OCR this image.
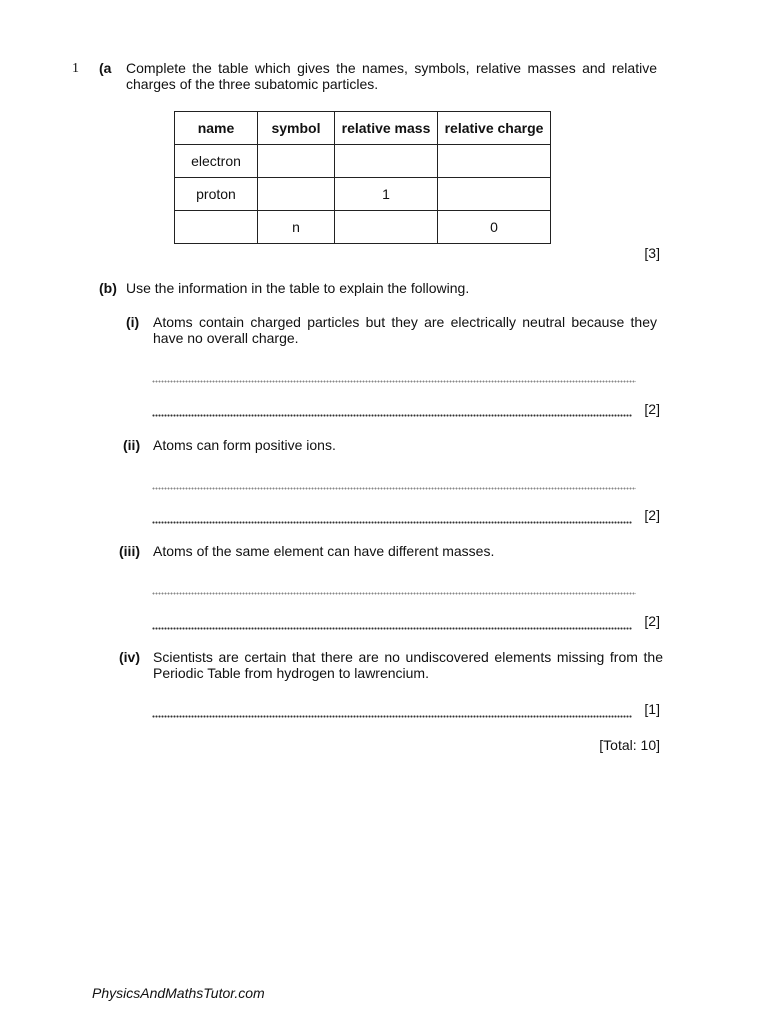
1 (a Complete the table which gives the names, symbols, relative masses and relative charges of the three subatomic particles.
name	symbol	relative mass	relative charge
electron			
proton		1	
	n		0
[3]
(b) Use the information in the table to explain the following.
(i) Atoms contain charged particles but they are electrically neutral because they have no overall charge.
[2]
(ii) Atoms can form positive ions.
[2]
(iii) Atoms of the same element can have different masses.
[2]
(iv) Scientists are certain that there are no undiscovered elements missing from the Periodic Table from hydrogen to lawrencium.
[1]
[Total: 10]
PhysicsAndMathsTutor.com
